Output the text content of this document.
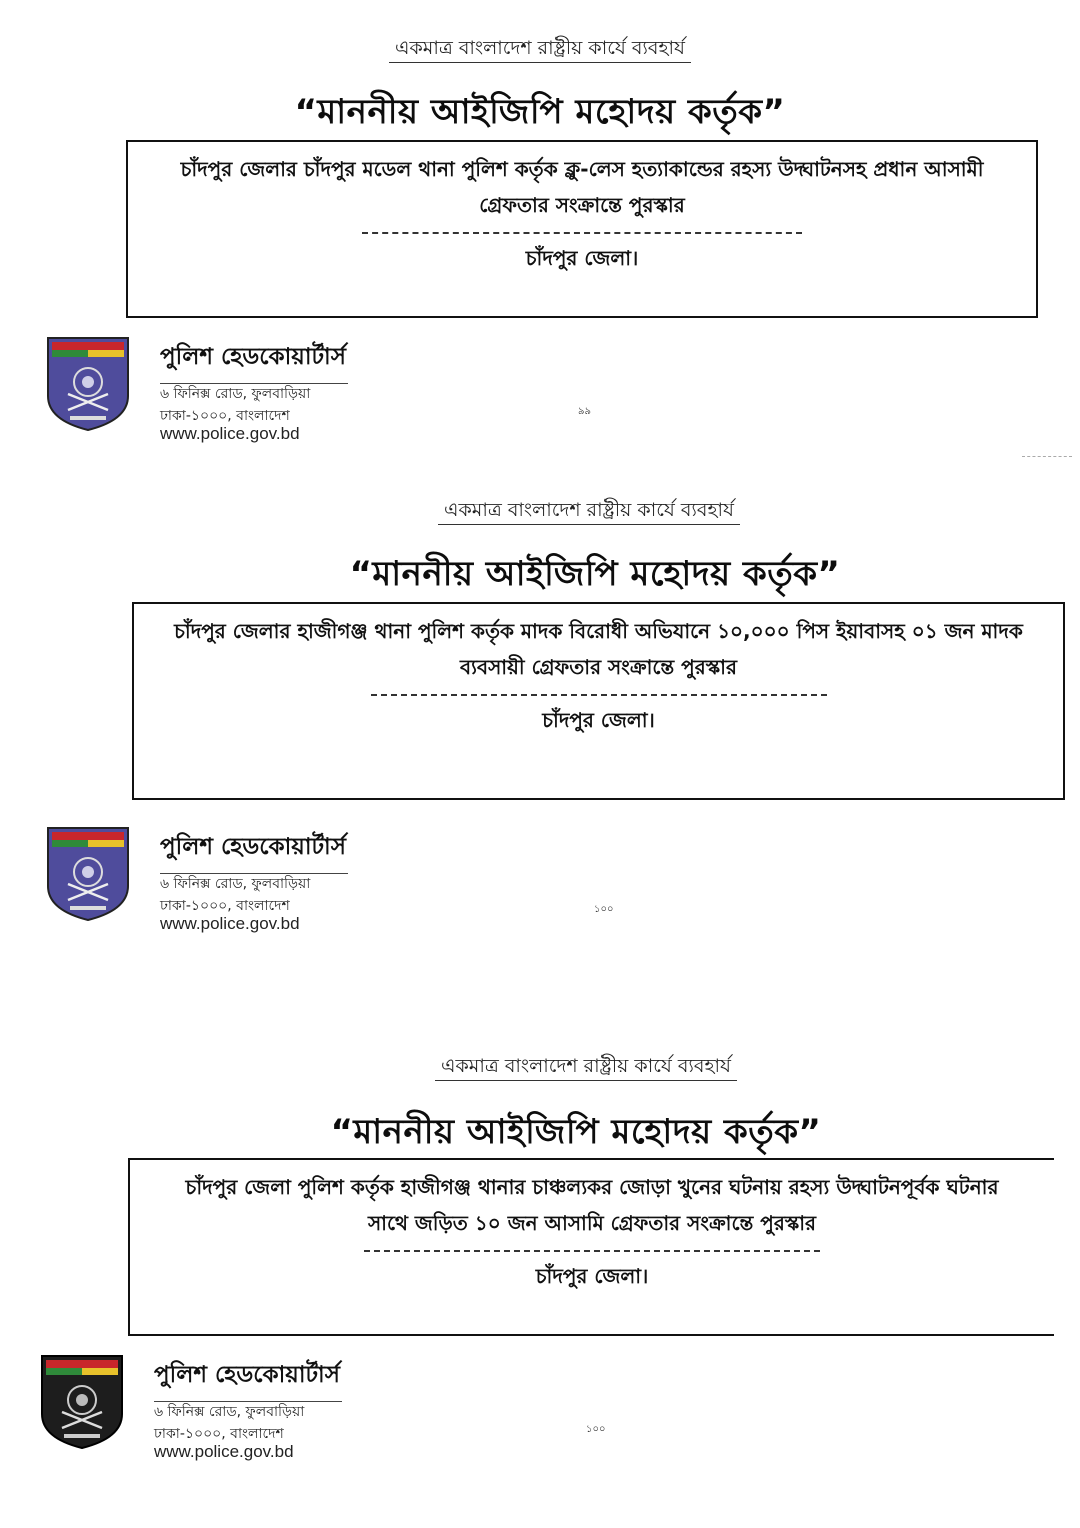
একমাত্র বাংলাদেশ রাষ্ট্রীয় কার্যে ব্যবহার্য
“মাননীয় আইজিপি মহোদয় কর্তৃক”

চাঁদপুর জেলার চাঁদপুর মডেল থানা পুলিশ কর্তৃক ক্লু-লেস হত্যাকান্ডের রহস্য উদ্ঘাটনসহ প্রধান আসামী

গ্রেফতার সংক্রান্তে পুরস্কার

চাঁদপুর জেলা।
পুলিশ হেডকোয়ার্টার্স
৬ ফিনিক্স রোড, ফুলবাড়িয়া
ঢাকা-১০০০, বাংলাদেশ
www.police.gov.bd
৯৯
একমাত্র বাংলাদেশ রাষ্ট্রীয় কার্যে ব্যবহার্য
“মাননীয় আইজিপি মহোদয় কর্তৃক”

চাঁদপুর জেলার হাজীগঞ্জ থানা পুলিশ কর্তৃক মাদক বিরোধী অভিযানে ১০,০০০ পিস ইয়াবাসহ ০১ জন মাদক

ব্যবসায়ী গ্রেফতার সংক্রান্তে পুরস্কার

চাঁদপুর জেলা।
পুলিশ হেডকোয়ার্টার্স
৬ ফিনিক্স রোড, ফুলবাড়িয়া
ঢাকা-১০০০, বাংলাদেশ
www.police.gov.bd
১০০
একমাত্র বাংলাদেশ রাষ্ট্রীয় কার্যে ব্যবহার্য
“মাননীয় আইজিপি মহোদয় কর্তৃক”

চাঁদপুর জেলা পুলিশ কর্তৃক হাজীগঞ্জ থানার চাঞ্চল্যকর জোড়া খুনের ঘটনায় রহস্য উদ্ঘাটনপূর্বক ঘটনার

সাথে জড়িত ১০ জন আসামি গ্রেফতার সংক্রান্তে পুরস্কার

চাঁদপুর জেলা।
পুলিশ হেডকোয়ার্টার্স
৬ ফিনিক্স রোড, ফুলবাড়িয়া
ঢাকা-১০০০, বাংলাদেশ
www.police.gov.bd
১০০
